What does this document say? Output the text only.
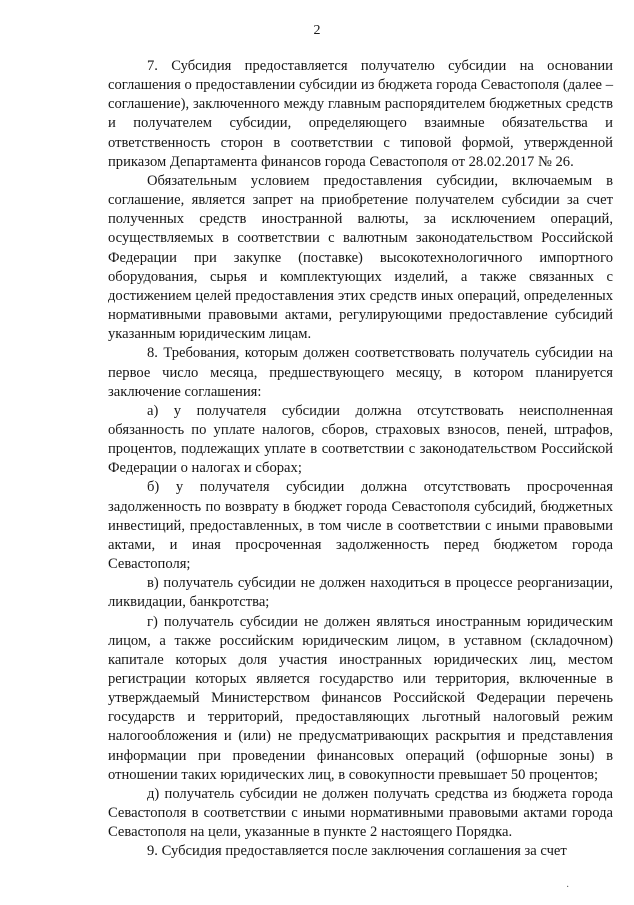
2

7. Субсидия предоставляется получателю субсидии на основании соглашения о предоставлении субсидии из бюджета города Севастополя (далее – соглашение), заключенного между главным распорядителем бюджетных средств и получателем субсидии, определяющего взаимные обязательства и ответственность сторон в соответствии с типовой формой, утвержденной приказом Департамента финансов города Севастополя от 28.02.2017 № 26.

Обязательным условием предоставления субсидии, включаемым в соглашение, является запрет на приобретение получателем субсидии за счет полученных средств иностранной валюты, за исключением операций, осуществляемых в соответствии с валютным законодательством Российской Федерации при закупке (поставке) высокотехнологичного импортного оборудования, сырья и комплектующих изделий, а также связанных с достижением целей предоставления этих средств иных операций, определенных нормативными правовыми актами, регулирующими предоставление субсидий указанным юридическим лицам.

8. Требования, которым должен соответствовать получатель субсидии на первое число месяца, предшествующего месяцу, в котором планируется заключение соглашения:

а) у получателя субсидии должна отсутствовать неисполненная обязанность по уплате налогов, сборов, страховых взносов, пеней, штрафов, процентов, подлежащих уплате в соответствии с законодательством Российской Федерации о налогах и сборах;

б) у получателя субсидии должна отсутствовать просроченная задолженность по возврату в бюджет города Севастополя субсидий, бюджетных инвестиций, предоставленных, в том числе в соответствии с иными правовыми актами, и иная просроченная задолженность перед бюджетом города Севастополя;

в) получатель субсидии не должен находиться в процессе реорганизации, ликвидации, банкротства;

г) получатель субсидии не должен являться иностранным юридическим лицом, а также российским юридическим лицом, в уставном (складочном) капитале которых доля участия иностранных юридических лиц, местом регистрации которых является государство или территория, включенные в утверждаемый Министерством финансов Российской Федерации перечень государств и территорий, предоставляющих льготный налоговый режим налогообложения и (или) не предусматривающих раскрытия и представления информации при проведении финансовых операций (офшорные зоны) в отношении таких юридических лиц, в совокупности превышает 50 процентов;

д) получатель субсидии не должен получать средства из бюджета города Севастополя в соответствии с иными нормативными правовыми актами города Севастополя на цели, указанные в пункте 2 настоящего Порядка.

9. Субсидия предоставляется после заключения соглашения за счет

·
